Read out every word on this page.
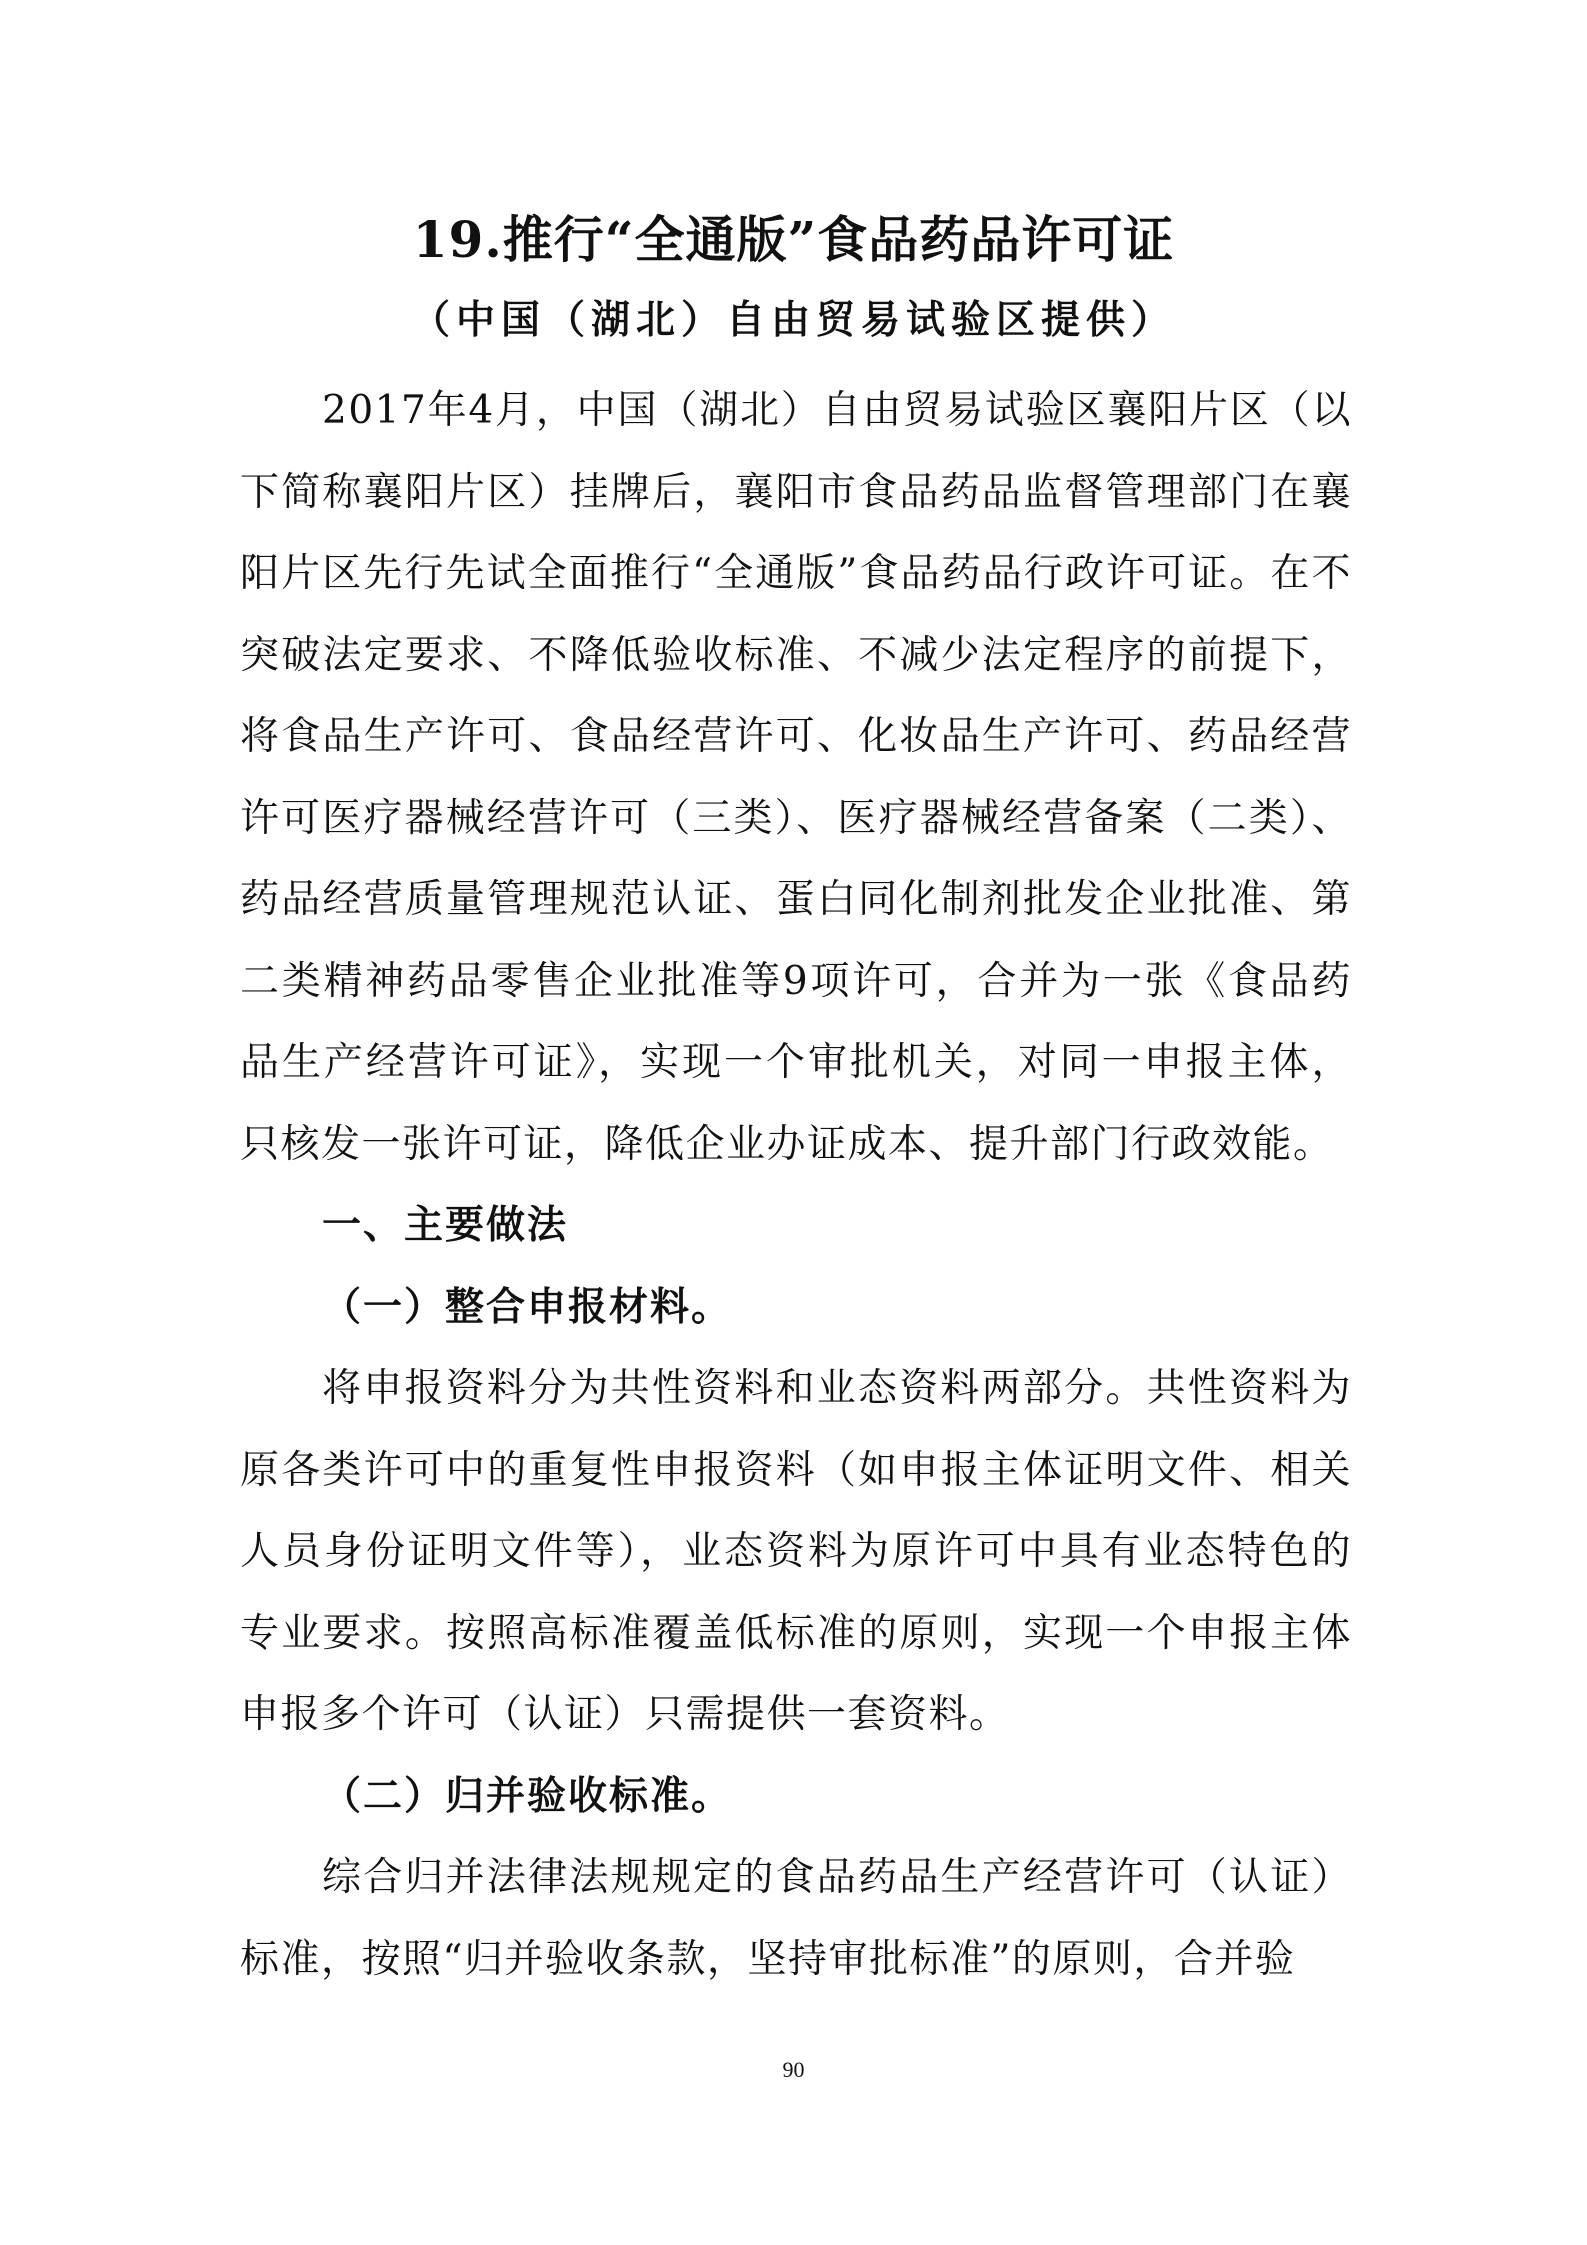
19.推行“全通版”食品药品许可证
（中国（湖北）自由贸易试验区提供）

2017年4月，中国（湖北）自由贸易试验区襄阳片区（以下简称襄阳片区）挂牌后，襄阳市食品药品监督管理部门在襄阳片区先行先试全面推行“全通版”食品药品行政许可证。在不突破法定要求、不降低验收标准、不减少法定程序的前提下，将食品生产许可、食品经营许可、化妆品生产许可、药品经营许可医疗器械经营许可（三类）、医疗器械经营备案（二类）、药品经营质量管理规范认证、蛋白同化制剂批发企业批准、第二类精神药品零售企业批准等9项许可，合并为一张《食品药品生产经营许可证》，实现一个审批机关，对同一申报主体，只核发一张许可证，降低企业办证成本、提升部门行政效能。

一、主要做法

（一）整合申报材料。

将申报资料分为共性资料和业态资料两部分。共性资料为原各类许可中的重复性申报资料（如申报主体证明文件、相关人员身份证明文件等），业态资料为原许可中具有业态特色的专业要求。按照高标准覆盖低标准的原则，实现一个申报主体申报多个许可（认证）只需提供一套资料。

（二）归并验收标准。

综合归并法律法规规定的食品药品生产经营许可（认证）标准，按照“归并验收条款，坚持审批标准”的原则，合并验

90
